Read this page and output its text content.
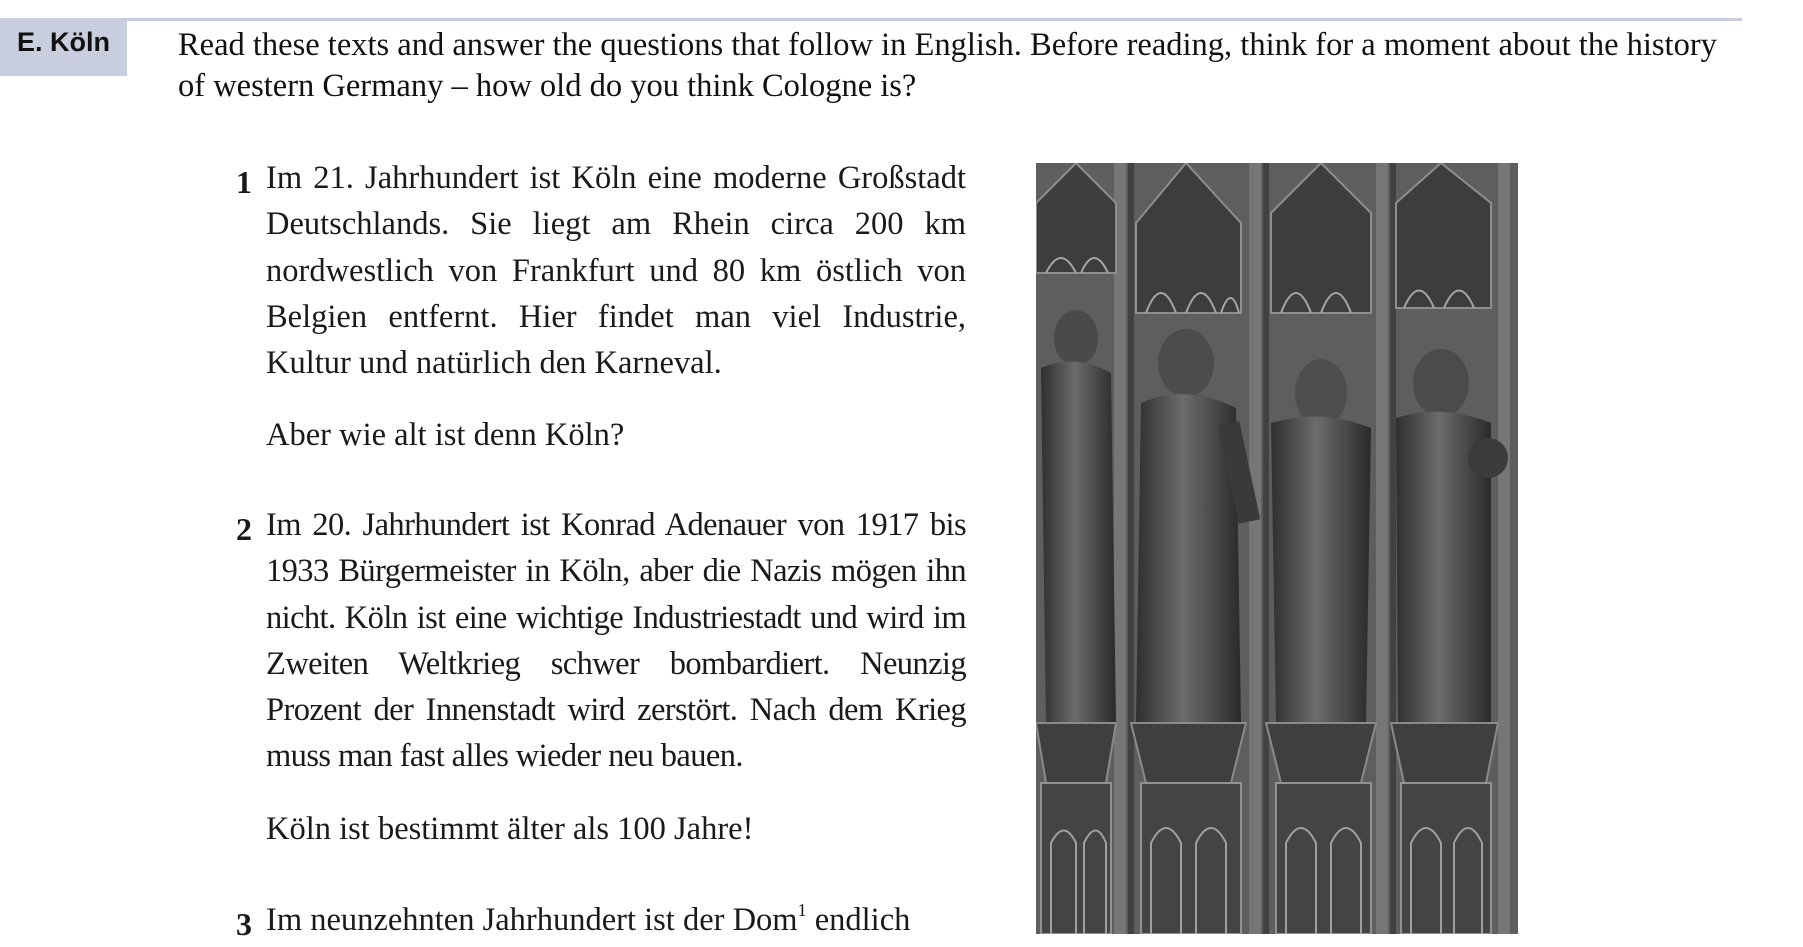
E. Köln	Read these texts and answer the questions that follow in English. Before reading, think for a moment about the history of western Germany – how old do you think Cologne is?
1 Im 21. Jahrhundert ist Köln eine moderne Großstadt Deutschlands. Sie liegt am Rhein circa 200 km nordwestlich von Frankfurt und 80 km östlich von Belgien entfernt. Hier findet man viel Industrie, Kultur und natürlich den Karneval.
Aber wie alt ist denn Köln?
2 Im 20. Jahrhundert ist Konrad Adenauer von 1917 bis 1933 Bürgermeister in Köln, aber die Nazis mögen ihn nicht. Köln ist eine wichtige Industriestadt und wird im Zweiten Weltkrieg schwer bombardiert. Neunzig Prozent der Innenstadt wird zerstört. Nach dem Krieg muss man fast alles wieder neu bauen.
Köln ist bestimmt älter als 100 Jahre!
3 Im neunzehnten Jahrhundert ist der Dom$^1$ endlich
